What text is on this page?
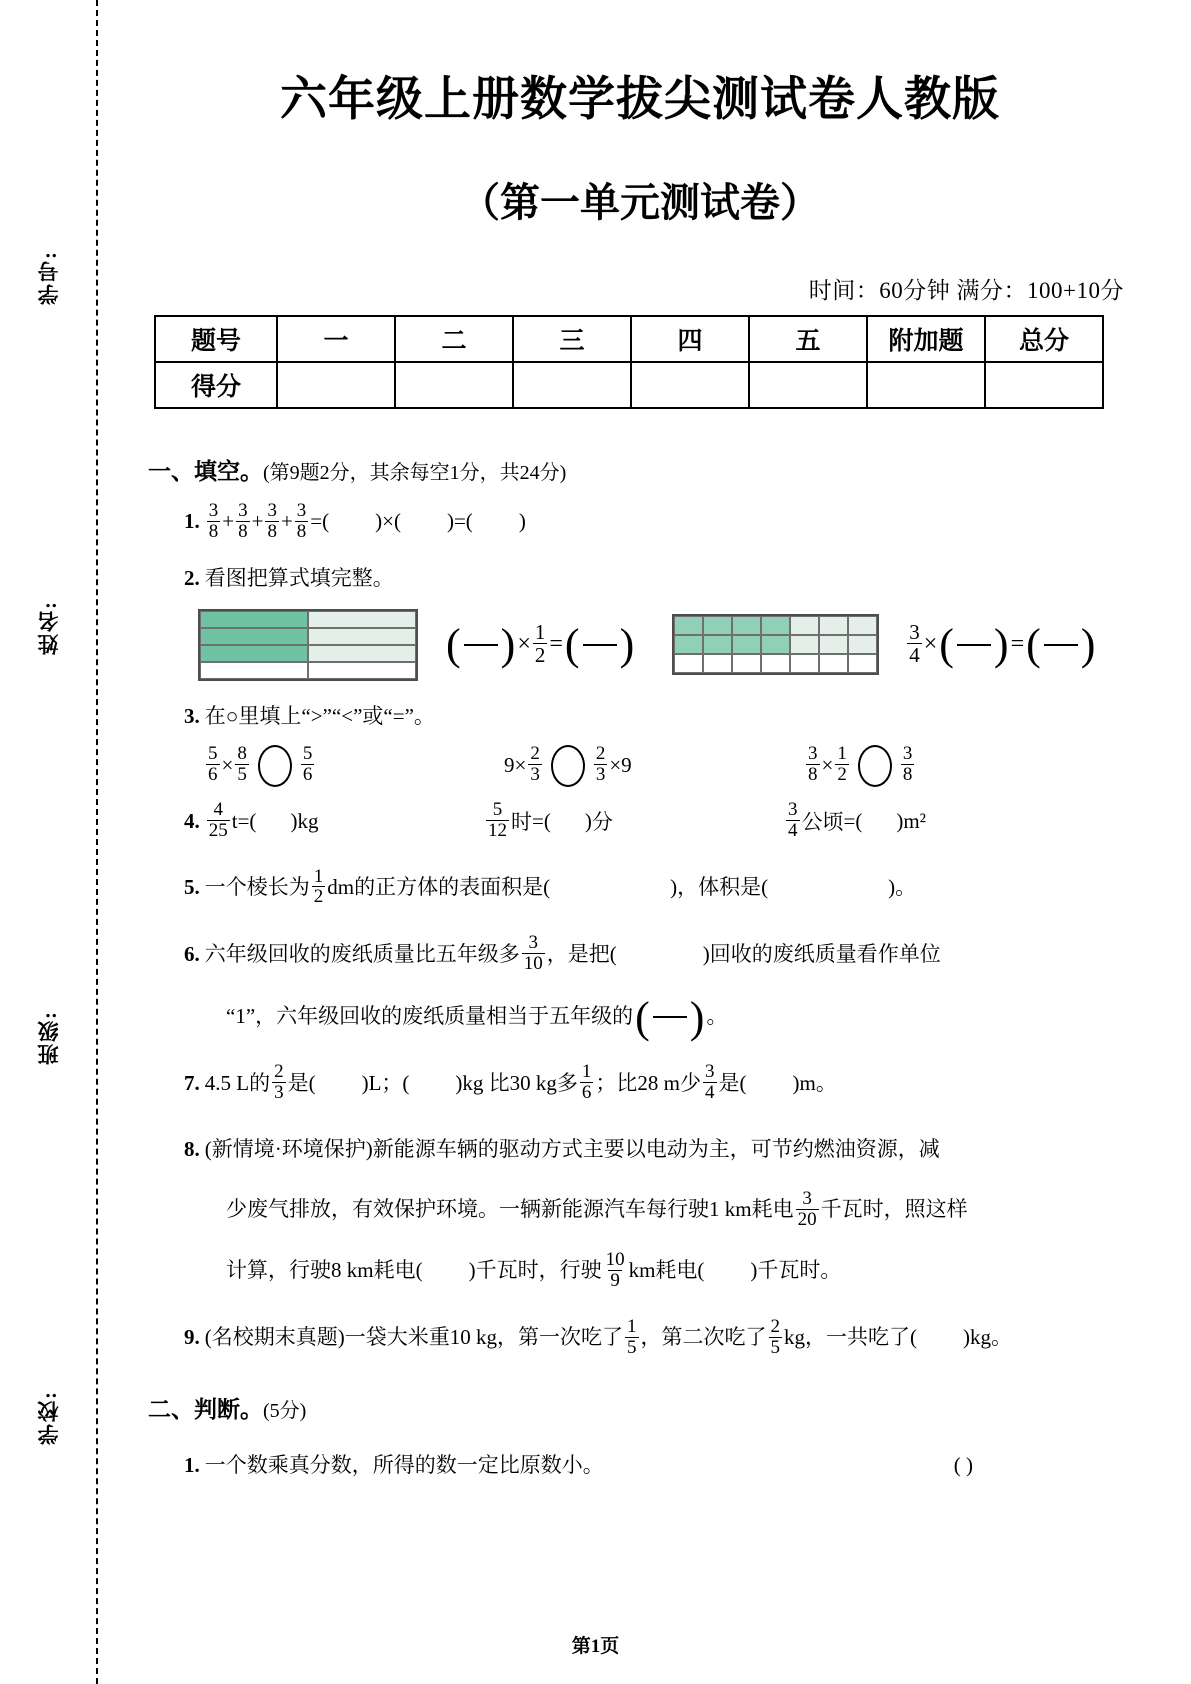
学号:
姓名:
班级:
学校:
六年级上册数学拔尖测试卷人教版
（第一单元测试卷）
时间：60分钟 满分：100+10分
题号	一	二	三	四	五	附加题	总分
得分							
一、填空。(第9题2分，其余每空1分，共24分)
1. $\frac{3}{8} + \frac{3}{8} + \frac{3}{8} + \frac{3}{8}$ =( )×( )=( )
2. 看图把算式填完整。
( ) × $\frac{1}{2}$ = ( )	$\frac{3}{4}$ × ( ) = ( )
3. 在○里填上“>”“<”或“=”。
$\frac{5}{6} \times \frac{8}{5}$	$\frac{5}{6}$	$9\times \frac{2}{3}$	$\frac{2}{3} \times 9$	$\frac{3}{8} \times \frac{1}{2}$	$\frac{3}{8}$
4. $\frac{4}{25}$ t =( ) kg	$\frac{5}{12}$ 时 =( ) 分	$\frac{3}{4}$ 公顷 =( ) m²
5. 一个棱长为 $\frac{1}{2}$ dm的正方体的表面积是(	)，体积是(	)。
6. 六年级回收的废纸质量比五年级多 $\frac{3}{10}$ ，是把(	)回收的废纸质量看作单位
“1”，六年级回收的废纸质量相当于五年级的 ( ) 。
7. 4.5 L的 $\frac{2}{3}$ 是( )L；( )kg 比30 kg多 $\frac{1}{6}$ ；比28 m少 $\frac{3}{4}$ 是( )m。
8. (新情境·环境保护) 新能源车辆的驱动方式主要以电动为主，可节约燃油资源，减
少废气排放，有效保护环境。一辆新能源汽车每行驶1 km耗电 $\frac{3}{20}$ 千瓦时，照这样
计算，行驶8 km耗电( )千瓦时，行驶 $\frac{10}{9}$ km耗电( )千瓦时。
9. (名校期末真题) 一袋大米重10 kg，第一次吃了 $\frac{1}{5}$ ，第二次吃了 $\frac{2}{5}$ kg，一共吃了( )kg。
二、判断。(5分)
1. 一个数乘真分数，所得的数一定比原数小。	( )
第1页
